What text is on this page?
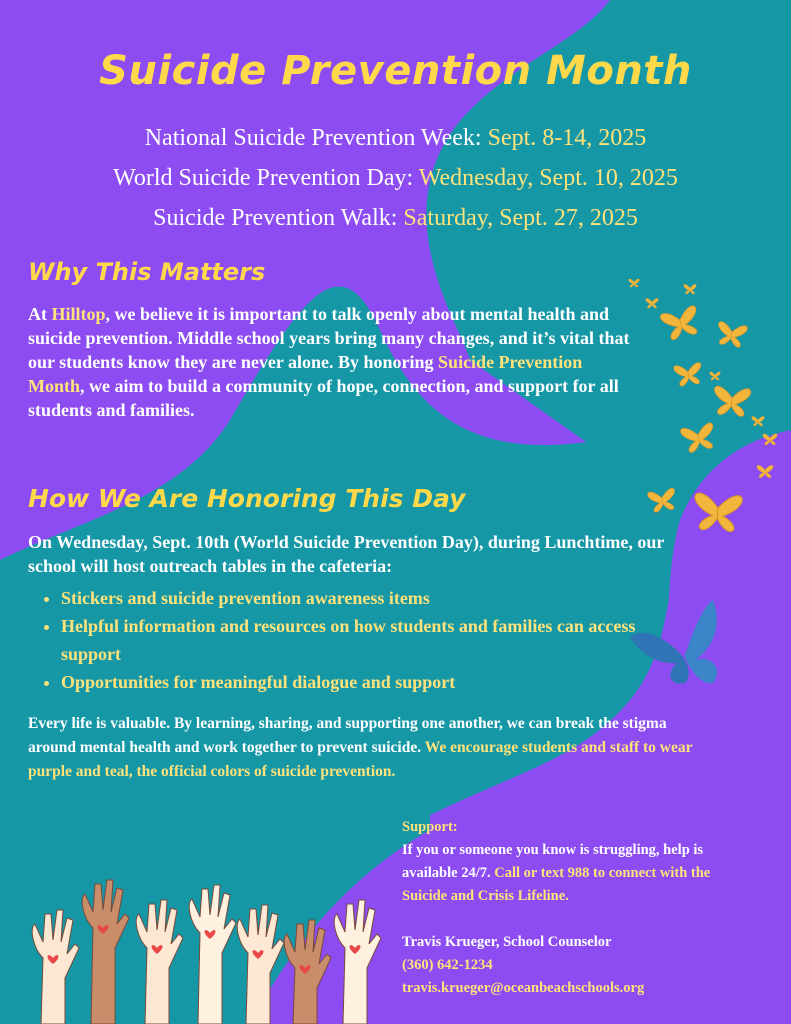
Suicide Prevention Month
National Suicide Prevention Week: Sept. 8-14, 2025
World Suicide Prevention Day: Wednesday, Sept. 10, 2025
Suicide Prevention Walk: Saturday, Sept. 27, 2025
Why This Matters
At Hilltop, we believe it is important to talk openly about mental health and suicide prevention. Middle school years bring many changes, and it’s vital that our students know they are never alone. By honoring Suicide Prevention Month, we aim to build a community of hope, connection, and support for all students and families.
How We Are Honoring This Day
On Wednesday, Sept. 10th (World Suicide Prevention Day), during Lunchtime, our school will host outreach tables in the cafeteria:
• Stickers and suicide prevention awareness items
• Helpful information and resources on how students and families can access support
• Opportunities for meaningful dialogue and support
Every life is valuable. By learning, sharing, and supporting one another, we can break the stigma around mental health and work together to prevent suicide. We encourage students and staff to wear purple and teal, the official colors of suicide prevention.
Support:
If you or someone you know is struggling, help is available 24/7. Call or text 988 to connect with the Suicide and Crisis Lifeline.
Travis Krueger, School Counselor
(360) 642-1234
travis.krueger@oceanbeachschools.org
